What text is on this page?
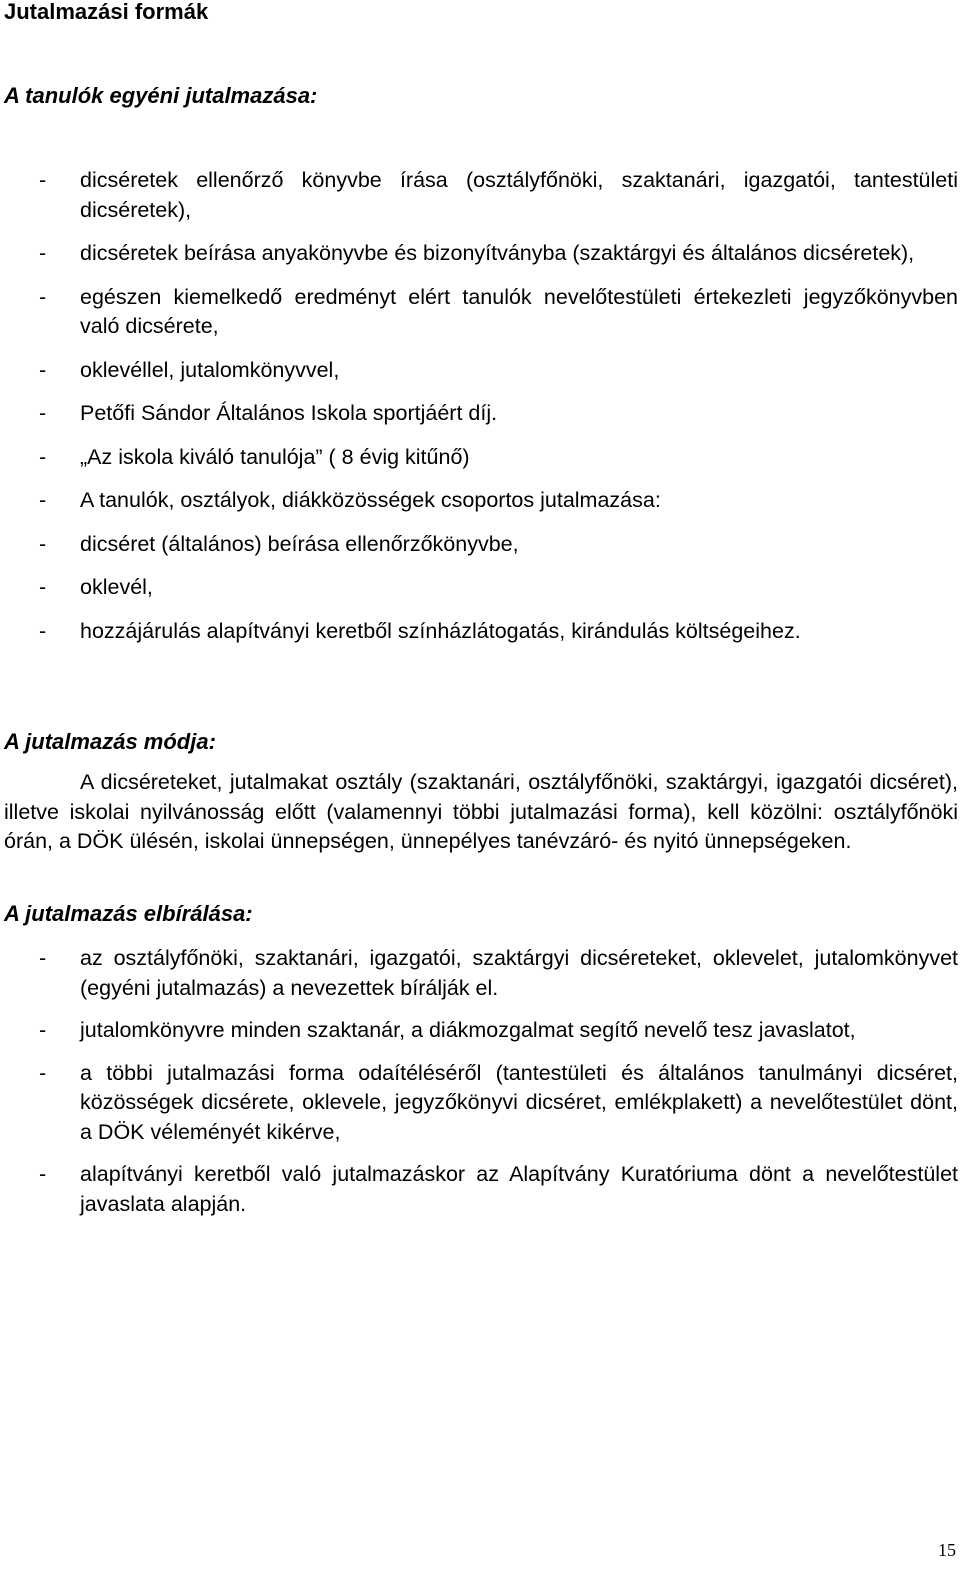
Jutalmazási formák
A tanulók egyéni jutalmazása:
- dicséretek ellenőrző könyvbe írása (osztályfőnöki, szaktanári, igazgatói, tantestületi dicséretek),
- dicséretek beírása anyakönyvbe és bizonyítványba (szaktárgyi és általános dicséretek),
- egészen kiemelkedő eredményt elért tanulók nevelőtestületi értekezleti jegyzőkönyvben való dicsérete,
- oklevéllel, jutalomkönyvvel,
- Petőfi Sándor Általános Iskola sportjáért díj.
- „Az iskola kiváló tanulója” ( 8 évig kitűnő)
- A tanulók, osztályok, diákközösségek csoportos jutalmazása:
- dicséret (általános) beírása ellenőrzőkönyvbe,
- oklevél,
- hozzájárulás alapítványi keretből színházlátogatás, kirándulás költségeihez.
A jutalmazás módja:

A dicséreteket, jutalmakat osztály (szaktanári, osztályfőnöki, szaktárgyi, igazgatói dicséret), illetve iskolai nyilvánosság előtt (valamennyi többi jutalmazási forma), kell közölni: osztályfőnöki órán, a DÖK ülésén, iskolai ünnepségen, ünnepélyes tanévzáró- és nyitó ünnepségeken.

A jutalmazás elbírálása:
- az osztályfőnöki, szaktanári, igazgatói, szaktárgyi dicséreteket, oklevelet, jutalomkönyvet (egyéni jutalmazás) a nevezettek bírálják el.
- jutalomkönyvre minden szaktanár, a diákmozgalmat segítő nevelő tesz javaslatot,
- a többi jutalmazási forma odaítéléséről (tantestületi és általános tanulmányi dicséret, közösségek dicsérete, oklevele, jegyzőkönyvi dicséret, emlékplakett) a nevelőtestület dönt, a DÖK véleményét kikérve,
- alapítványi keretből való jutalmazáskor az Alapítvány Kuratóriuma dönt a nevelőtestület javaslata alapján.

15
